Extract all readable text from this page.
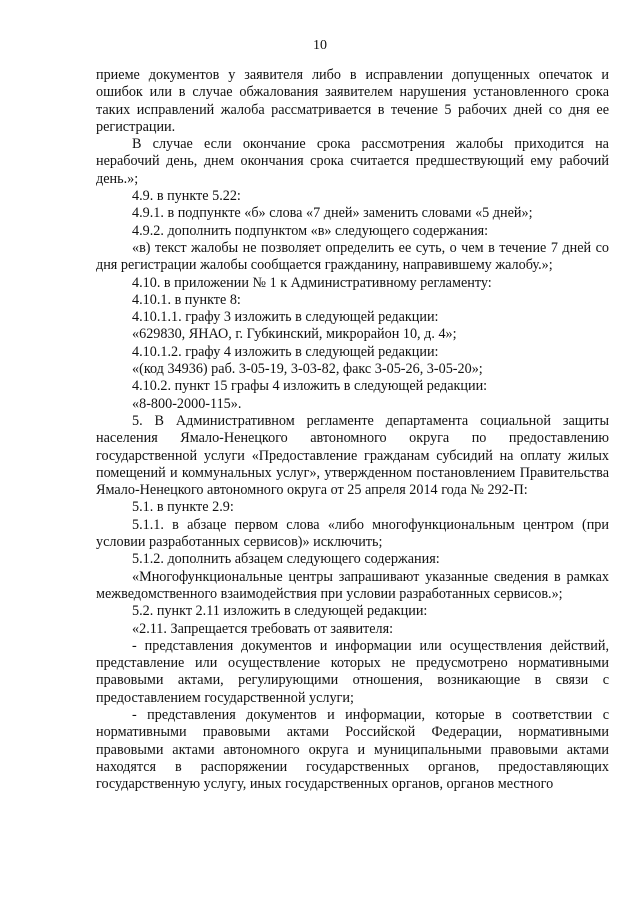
10

приеме документов у заявителя либо в исправлении допущенных опечаток и ошибок или в случае обжалования заявителем нарушения установленного срока таких исправлений жалоба рассматривается в течение 5 рабочих дней со дня ее регистрации.

В случае если окончание срока рассмотрения жалобы приходится на нерабочий день, днем окончания срока считается предшествующий ему рабочий день.»;

4.9. в пункте 5.22:

4.9.1. в подпункте «б» слова «7 дней» заменить словами «5 дней»;

4.9.2. дополнить подпунктом «в» следующего содержания:

«в) текст жалобы не позволяет определить ее суть, о чем в течение 7 дней со дня регистрации жалобы сообщается гражданину, направившему жалобу.»;

4.10. в приложении № 1 к Административному регламенту:

4.10.1. в пункте 8:

4.10.1.1. графу 3 изложить в следующей редакции:

«629830, ЯНАО, г. Губкинский, микрорайон 10, д. 4»;

4.10.1.2. графу 4 изложить в следующей редакции:

«(код 34936) раб. 3-05-19, 3-03-82, факс 3-05-26, 3-05-20»;

4.10.2. пункт 15 графы 4 изложить в следующей редакции:

«8-800-2000-115».

5. В Административном регламенте департамента социальной защиты населения Ямало-Ненецкого автономного округа по предоставлению государственной услуги «Предоставление гражданам субсидий на оплату жилых помещений и коммунальных услуг», утвержденном постановлением Правительства Ямало-Ненецкого автономного округа от 25 апреля 2014 года № 292-П:

5.1. в пункте 2.9:

5.1.1. в абзаце первом слова «либо многофункциональным центром (при условии разработанных сервисов)» исключить;

5.1.2. дополнить абзацем следующего содержания:

«Многофункциональные центры запрашивают указанные сведения в рамках межведомственного взаимодействия при условии разработанных сервисов.»;

5.2. пункт 2.11 изложить в следующей редакции:

«2.11. Запрещается требовать от заявителя:

- представления документов и информации или осуществления действий, представление или осуществление которых не предусмотрено нормативными правовыми актами, регулирующими отношения, возникающие в связи с предоставлением государственной услуги;

- представления документов и информации, которые в соответствии с нормативными правовыми актами Российской Федерации, нормативными правовыми актами автономного округа и муниципальными правовыми актами находятся в распоряжении государственных органов, предоставляющих государственную услугу, иных государственных органов, органов местного
